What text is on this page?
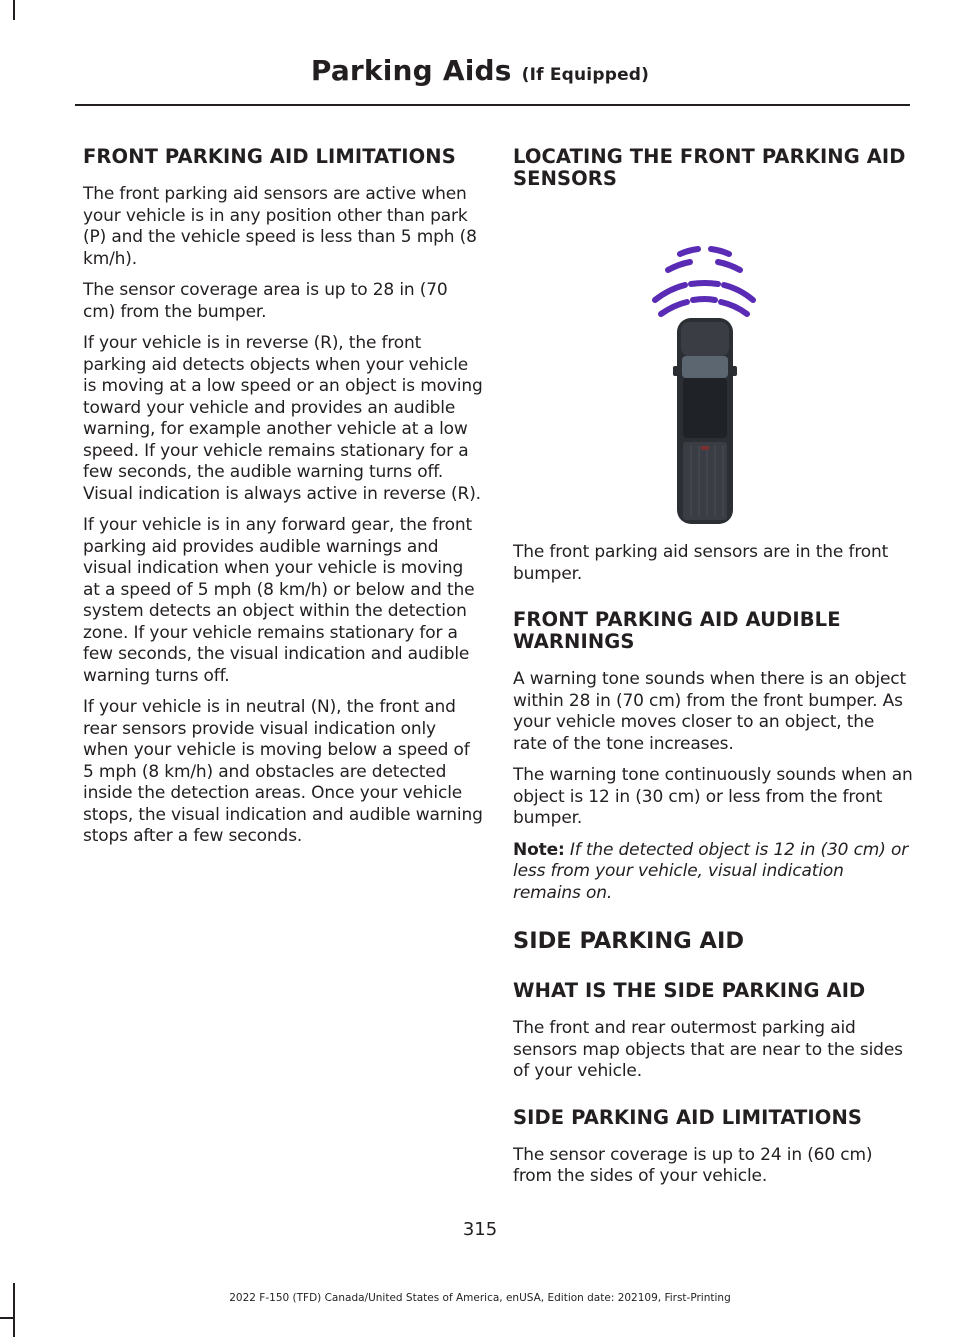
Parking Aids (If Equipped)
FRONT PARKING AID LIMITATIONS

The front parking aid sensors are active when your vehicle is in any position other than park (P) and the vehicle speed is less than 5 mph (8 km/h).

The sensor coverage area is up to 28 in (70 cm) from the bumper.

If your vehicle is in reverse (R), the front parking aid detects objects when your vehicle is moving at a low speed or an object is moving toward your vehicle and provides an audible warning, for example another vehicle at a low speed. If your vehicle remains stationary for a few seconds, the audible warning turns off. Visual indication is always active in reverse (R).

If your vehicle is in any forward gear, the front parking aid provides audible warnings and visual indication when your vehicle is moving at a speed of 5 mph (8 km/h) or below and the system detects an object within the detection zone. If your vehicle remains stationary for a few seconds, the visual indication and audible warning turns off.

If your vehicle is in neutral (N), the front and rear sensors provide visual indication only when your vehicle is moving below a speed of 5 mph (8 km/h) and obstacles are detected inside the detection areas. Once your vehicle stops, the visual indication and audible warning stops after a few seconds.

LOCATING THE FRONT PARKING AID SENSORS

The front parking aid sensors are in the front bumper.

FRONT PARKING AID AUDIBLE WARNINGS

A warning tone sounds when there is an object within 28 in (70 cm) from the front bumper. As your vehicle moves closer to an object, the rate of the tone increases.

The warning tone continuously sounds when an object is 12 in (30 cm) or less from the front bumper.

Note: If the detected object is 12 in (30 cm) or less from your vehicle, visual indication remains on.

SIDE PARKING AID
WHAT IS THE SIDE PARKING AID

The front and rear outermost parking aid sensors map objects that are near to the sides of your vehicle.

SIDE PARKING AID LIMITATIONS

The sensor coverage is up to 24 in (60 cm) from the sides of your vehicle.

315
2022 F-150 (TFD) Canada/United States of America, enUSA, Edition date: 202109, First-Printing
